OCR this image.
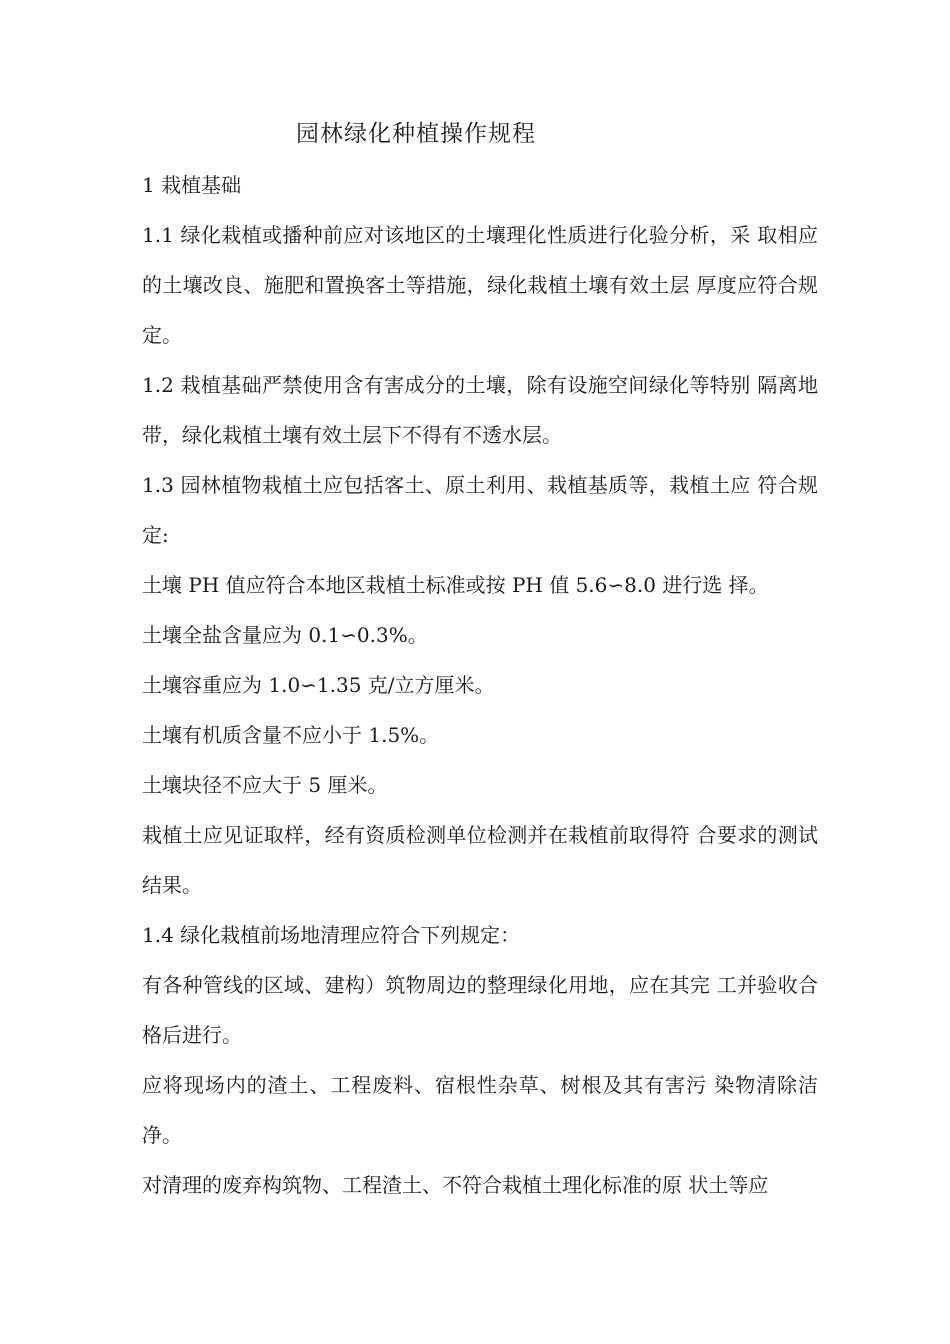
园林绿化种植操作规程

1 栽植基础

1.1 绿化栽植或播种前应对该地区的土壤理化性质进行化验分析，采 取相应的土壤改良、施肥和置换客土等措施，绿化栽植土壤有效土层 厚度应符合规定。

1.2 栽植基础严禁使用含有害成分的土壤，除有设施空间绿化等特别 隔离地带，绿化栽植土壤有效土层下不得有不透水层。

1.3 园林植物栽植土应包括客土、原土利用、栽植基质等，栽植土应 符合规定:

土壤 PH 值应符合本地区栽植土标准或按 PH 值 5.6∽8.0 进行选 择。

土壤全盐含量应为 0.1∽0.3%。

土壤容重应为 1.0∽1.35 克/立方厘米。

土壤有机质含量不应小于 1.5%。

土壤块径不应大于 5 厘米。

栽植土应见证取样，经有资质检测单位检测并在栽植前取得符 合要求的测试结果。

1.4 绿化栽植前场地清理应符合下列规定：

有各种管线的区域、建构）筑物周边的整理绿化用地，应在其完 工并验收合格后进行。

应将现场内的渣土、工程废料、宿根性杂草、树根及其有害污 染物清除洁净。

对清理的废弃构筑物、工程渣土、不符合栽植土理化标准的原 状土等应
